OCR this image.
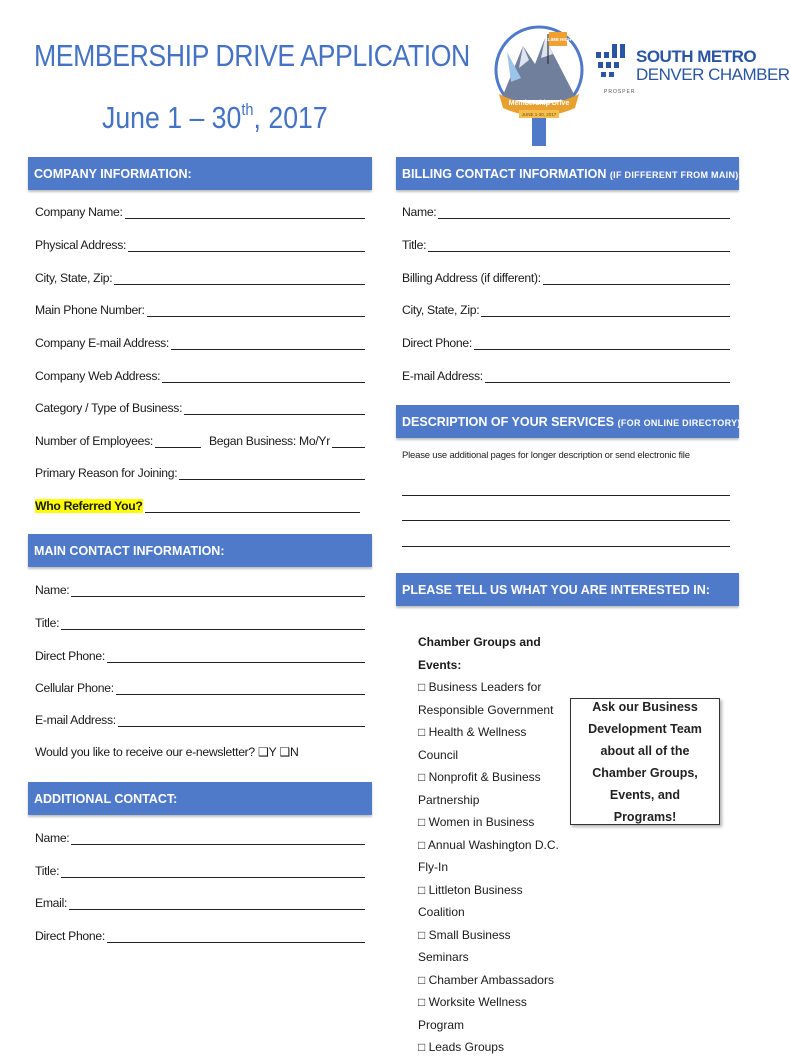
MEMBERSHIP DRIVE APPLICATION
June 1 – 30th, 2017
CLIMB HIGH
Membership Drive
JUNE 1-30, 2017
SOUTH METRO
DENVER CHAMBER
PROSPER
COMPANY INFORMATION:
Company Name:
Physical Address:
City, State, Zip:
Main Phone Number:
Company E-mail Address:
Company Web Address:
Category / Type of Business:
Number of Employees:	Began Business: Mo/Yr
Primary Reason for Joining:
Who Referred You?
MAIN CONTACT INFORMATION:
Name:
Title:
Direct Phone:
Cellular Phone:
E-mail Address:
Would you like to receive our e-newsletter? ❑Y ❑N
ADDITIONAL CONTACT:
Name:
Title:
Email:
Direct Phone:
BILLING CONTACT INFORMATION (IF DIFFERENT FROM MAIN):
Name:
Title:
Billing Address (if different):
City, State, Zip:
Direct Phone:
E-mail Address:
DESCRIPTION OF YOUR SERVICES (FOR ONLINE DIRECTORY):
Please use additional pages for longer description or send electronic file
PLEASE TELL US WHAT YOU ARE INTERESTED IN:
Chamber Groups and Events:
□ Business Leaders for Responsible Government
□ Health & Wellness Council
□ Nonprofit & Business Partnership
□ Women in Business
□ Annual Washington D.C. Fly-In
□ Littleton Business Coalition
□ Small Business Seminars
□ Chamber Ambassadors
□ Worksite Wellness Program
□ Leads Groups
Ask our Business Development Team about all of the Chamber Groups, Events, and Programs!
